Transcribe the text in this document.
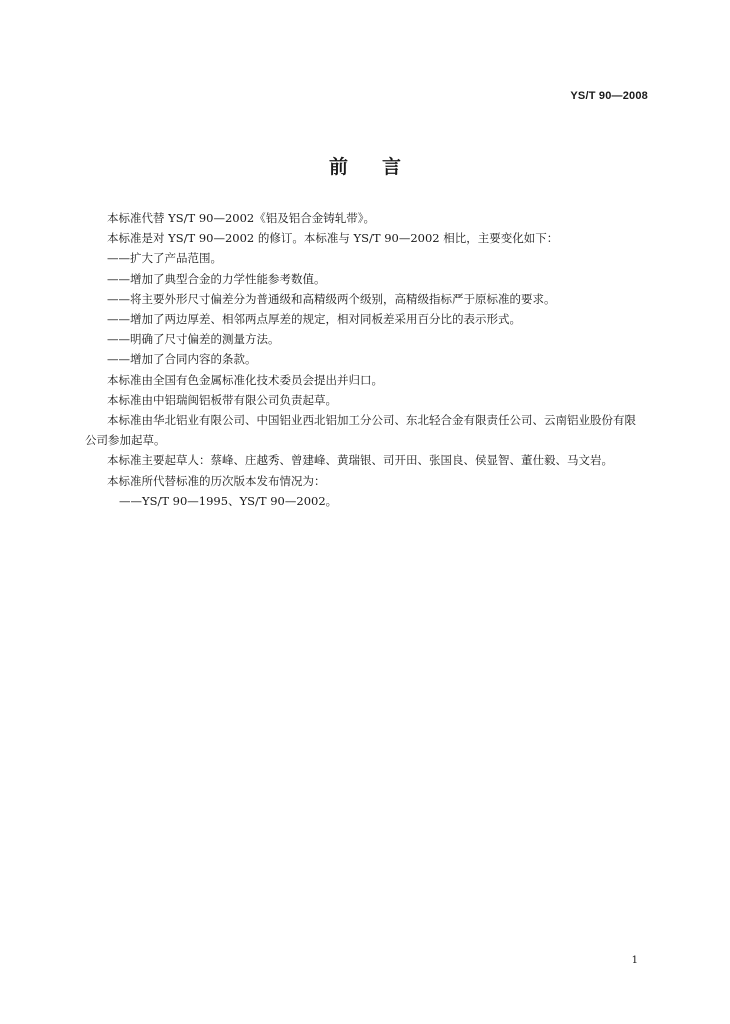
YS/T 90—2008
前言

本标准代替 YS/T 90—2002《铝及铝合金铸轧带》。

本标准是对 YS/T 90—2002 的修订。本标准与 YS/T 90—2002 相比，主要变化如下：

——扩大了产品范围。

——增加了典型合金的力学性能参考数值。

——将主要外形尺寸偏差分为普通级和高精级两个级别，高精级指标严于原标准的要求。

——增加了两边厚差、相邻两点厚差的规定，相对同板差采用百分比的表示形式。

——明确了尺寸偏差的测量方法。

——增加了合同内容的条款。

本标准由全国有色金属标准化技术委员会提出并归口。

本标准由中铝瑞闽铝板带有限公司负责起草。

本标准由华北铝业有限公司、中国铝业西北铝加工分公司、东北轻合金有限责任公司、云南铝业股份有限公司参加起草。

本标准主要起草人：蔡峰、庄越秀、曾建峰、黄瑞银、司开田、张国良、侯显智、董仕毅、马文岩。

本标准所代替标准的历次版本发布情况为：

——YS/T 90—1995、YS/T 90—2002。

1
